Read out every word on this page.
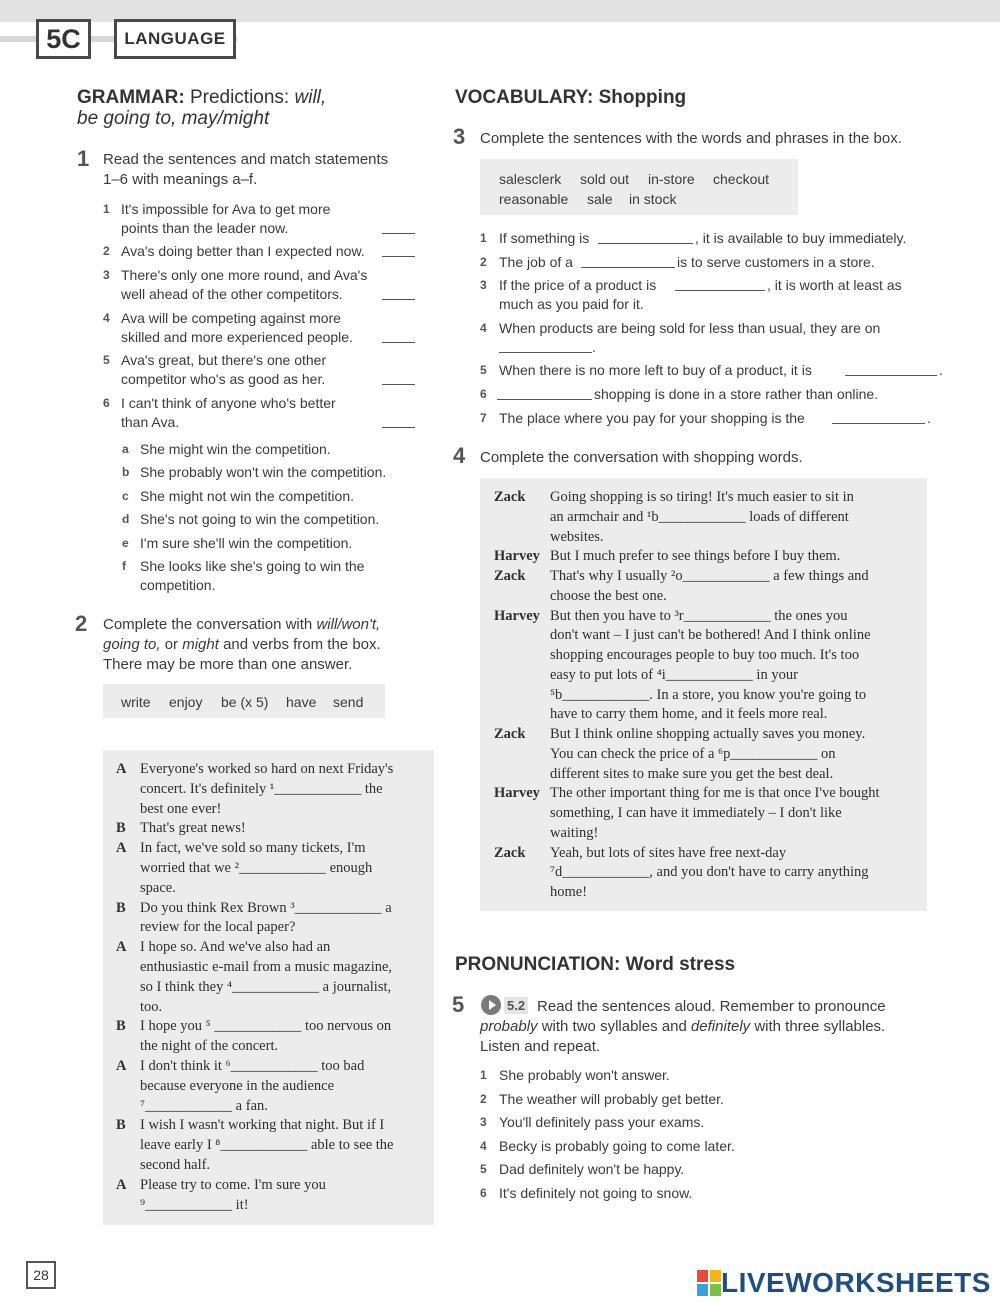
5C	LANGUAGE
GRAMMAR: Predictions: will,
be going to, may/might
1 Read the sentences and match statements
1–6 with meanings a–f.
1 It's impossible for Ava to get more
points than the leader now.
2 Ava's doing better than I expected now.
3 There's only one more round, and Ava's
well ahead of the other competitors.
4 Ava will be competing against more
skilled and more experienced people.
5 Ava's great, but there's one other
competitor who's as good as her.
6 I can't think of anyone who's better
than Ava.
a She might win the competition.
b She probably won't win the competition.
c She might not win the competition.
d She's not going to win the competition.
e I'm sure she'll win the competition.
f She looks like she's going to win the
competition.
2 Complete the conversation with will/won't,
going to, or might and verbs from the box.
There may be more than one answer.
write enjoy be (x 5) have send
A Everyone's worked so hard on next Friday's
concert. It's definitely ¹____________ the
best one ever!
B That's great news!
A In fact, we've sold so many tickets, I'm
worried that we ²____________ enough
space.
B Do you think Rex Brown ³____________ a
review for the local paper?
A I hope so. And we've also had an
enthusiastic e-mail from a music magazine,
so I think they ⁴____________ a journalist,
too.
B I hope you ⁵ ____________ too nervous on
the night of the concert.
A I don't think it ⁶____________ too bad
because everyone in the audience
⁷____________ a fan.
B I wish I wasn't working that night. But if I
leave early I ⁸____________ able to see the
second half.
A Please try to come. I'm sure you
⁹____________ it!
VOCABULARY: Shopping
3 Complete the sentences with the words and phrases in the box.
salesclerk sold out in-store checkout
reasonable sale in stock
1 If something is	, it is available to buy immediately.
2 The job of a	is to serve customers in a store.
3 If the price of a product is	, it is worth at least as
much as you paid for it.
4 When products are being sold for less than usual, they are on
.
5 When there is no more left to buy of a product, it is	.
6	shopping is done in a store rather than online.
7 The place where you pay for your shopping is the	.
4 Complete the conversation with shopping words.
Zack Going shopping is so tiring! It's much easier to sit in
an armchair and ¹b____________ loads of different
websites.
Harvey But I much prefer to see things before I buy them.
Zack That's why I usually ²o____________ a few things and
choose the best one.
Harvey But then you have to ³r____________ the ones you
don't want – I just can't be bothered! And I think online
shopping encourages people to buy too much. It's too
easy to put lots of ⁴i____________ in your
⁵b____________. In a store, you know you're going to
have to carry them home, and it feels more real.
Zack But I think online shopping actually saves you money.
You can check the price of a ⁶p____________ on
different sites to make sure you get the best deal.
Harvey The other important thing for me is that once I've bought
something, I can have it immediately – I don't like
waiting!
Zack Yeah, but lots of sites have free next-day
⁷d____________, and you don't have to carry anything
home!
PRONUNCIATION: Word stress
5	5.2 Read the sentences aloud. Remember to pronounce
probably with two syllables and definitely with three syllables.
Listen and repeat.
1 She probably won't answer.
2 The weather will probably get better.
3 You'll definitely pass your exams.
4 Becky is probably going to come later.
5 Dad definitely won't be happy.
6 It's definitely not going to snow.
28	LIVEWORKSHEETS
